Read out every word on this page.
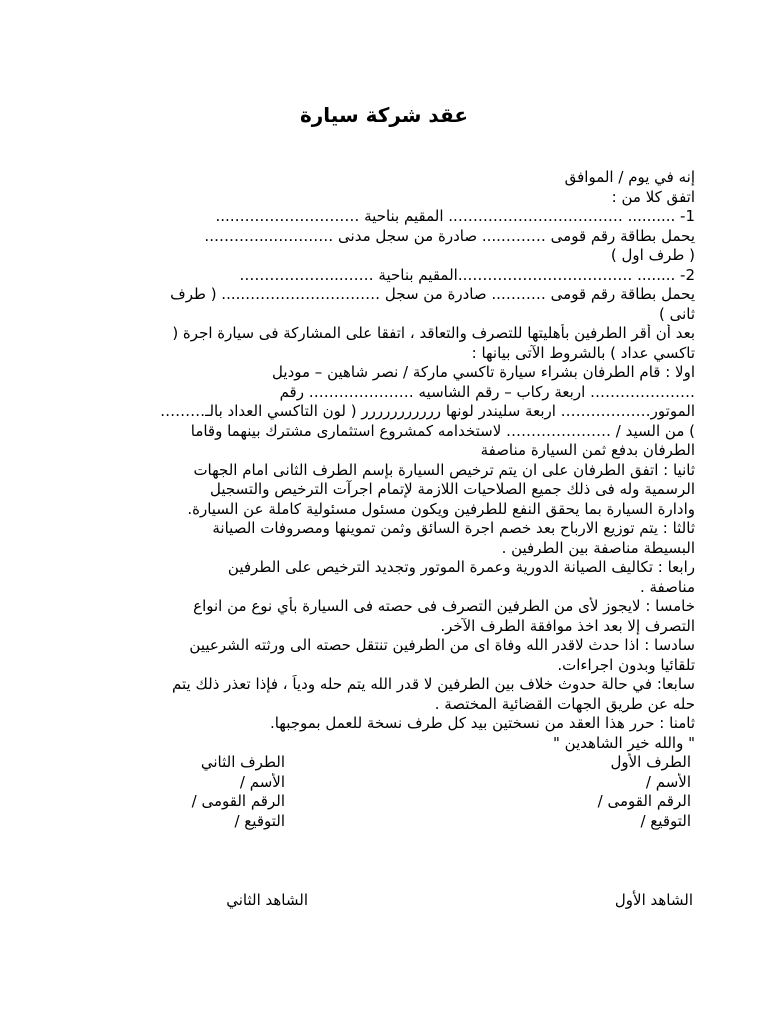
عقد شركة سيارة
إنه في يوم / الموافق
اتفق كلا من :
1- .......... …………………………….. المقيم بناحية ………………….…....
يحمل بطاقة رقم قومى ……….... صادرة من سجل مدنى …………...………..
( طرف اول )
2- ........ ……………………………..المقيم بناحية ……...………………
يحمل بطاقة رقم قومى ……….. صادرة من سجل ………………………..... ( طرف
ثانى )
بعد أن أقر الطرفين بأهليتها للتصرف والتعاقد ، اتفقا على المشاركة فى سيارة اجرة (
تاكسي عداد ) بالشروط الآتى بيانها :
اولا : قام الطرفان بشراء سيارة تاكسي ماركة / نصر شاهين – موديل
………………… اربعة ركاب – رقم الشاسيه ………………… رقم
الموتور……………… اربعة سليندر لونها ررررررررررر ( لون التاكسي العداد بالـ………
) من السيد / ………………… لاستخدامه كمشروع استثمارى مشترك بينهما وقاما
الطرفان بدفع ثمن السيارة مناصفة
ثانيا : اتفق الطرفان على ان يتم ترخيص السيارة بإسم الطرف الثانى امام الجهات
الرسمية وله فى ذلك جميع الصلاحيات اللازمة لإتمام اجرآت الترخيص والتسجيل
وادارة السيارة بما يحقق النفع للطرفين ويكون مسئول مسئولية كاملة عن السيارة.
ثالثا : يتم توزيع الارباح بعد خصم اجرة السائق وثمن تموينها ومصروفات الصيانة
البسيطة مناصفة بين الطرفين .
رابعا : تكاليف الصيانة الدورية وعمرة الموتور وتجديد الترخيص على الطرفين
مناصفة .
خامسا : لايجوز لأى من الطرفين التصرف فى حصته فى السيارة بأي نوع من انواع
التصرف إلا بعد اخذ موافقة الطرف الآخر.
سادسا : اذا حدث لاقدر الله وفاة اى من الطرفين تنتقل حصته الى ورثته الشرعيين
تلقائيا وبدون اجراءات.
سابعا: في حالة حدوث خلاف بين الطرفين لا قدر الله يتم حله ودياً ، فإذا تعذر ذلك يتم
حله عن طريق الجهات القضائية المختصة .
ثامنا : حرر هذا العقد من نسختين بيد كل طرف نسخة للعمل بموجبها.
" والله خير الشاهدين "
الطرف الأول
الأسم /
الرقم القومى /
التوقيع /
الطرف الثاني
الأسم /
الرقم القومى /
التوقيع /
الشاهد الأول
الشاهد الثاني
